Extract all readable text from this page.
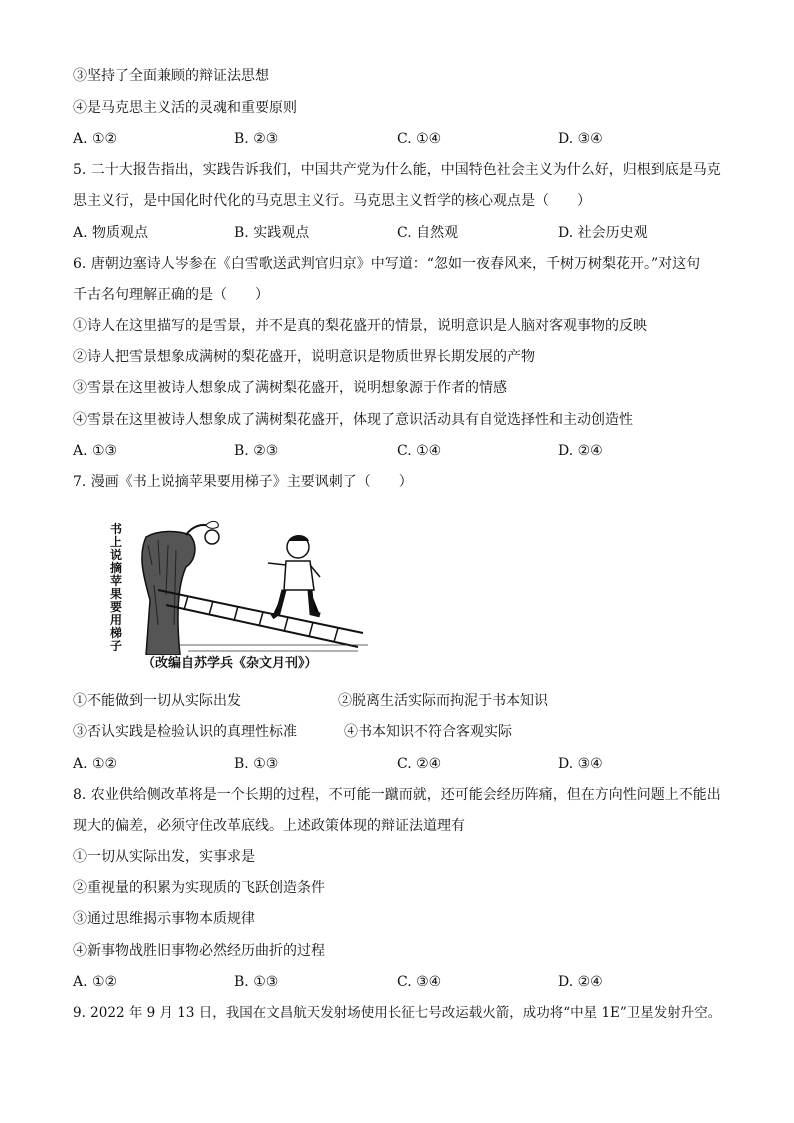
③坚持了全面兼顾的辩证法思想
④是马克思主义活的灵魂和重要原则
A. ①②	B. ②③	C. ①④	D. ③④
5. 二十大报告指出，实践告诉我们，中国共产党为什么能，中国特色社会主义为什么好，归根到底是马克
思主义行，是中国化时代化的马克思主义行。马克思主义哲学的核心观点是（　　）
A. 物质观点	B. 实践观点	C. 自然观	D. 社会历史观
6. 唐朝边塞诗人岑参在《白雪歌送武判官归京》中写道：“忽如一夜春风来，千树万树梨花开。”对这句
千古名句理解正确的是（　　）
①诗人在这里描写的是雪景，并不是真的梨花盛开的情景，说明意识是人脑对客观事物的反映
②诗人把雪景想象成满树的梨花盛开，说明意识是物质世界长期发展的产物
③雪景在这里被诗人想象成了满树梨花盛开，说明想象源于作者的情感
④雪景在这里被诗人想象成了满树梨花盛开，体现了意识活动具有自觉选择性和主动创造性
A. ①③	B. ②③	C. ①④	D. ②④
7. 漫画《书上说摘苹果要用梯子》主要讽刺了（　　）
书上说摘苹果要用梯子
（改编自苏学兵《杂文月刊》）
①不能做到一切从实际出发	②脱离生活实际而拘泥于书本知识
③否认实践是检验认识的真理性标准	④书本知识不符合客观实际
A. ①②	B. ①③	C. ②④	D. ③④
8. 农业供给侧改革将是一个长期的过程，不可能一蹴而就，还可能会经历阵痛，但在方向性问题上不能出
现大的偏差，必须守住改革底线。上述政策体现的辩证法道理有
①一切从实际出发，实事求是
②重视量的积累为实现质的飞跃创造条件
③通过思维揭示事物本质规律
④新事物战胜旧事物必然经历曲折的过程
A. ①②	B. ①③	C. ③④	D. ②④
9. 2022 年 9 月 13 日，我国在文昌航天发射场使用长征七号改运载火箭，成功将“中星 1E”卫星发射升空。
